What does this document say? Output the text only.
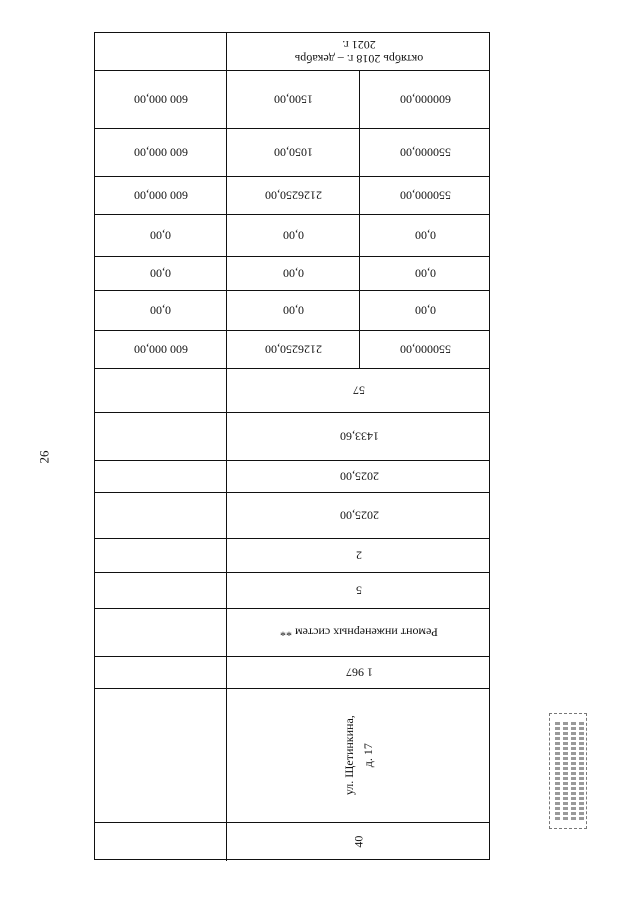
26
октябрь 2018 г. – декабрь 2021 г.
600 000,00	1500,00	600000,00
600 000,00	1050,00	550000,00
600 000,00	2126250,00	550000,00
0,00	0,00	0,00
0,00	0,00	0,00
0,00	0,00	0,00
600 000,00	2126250,00	550000,00
57
1433,60
2025,00
2025,00
2
5
Ремонт инженерных систем **
1 967
ул. Щетинкина, д. 17
40
